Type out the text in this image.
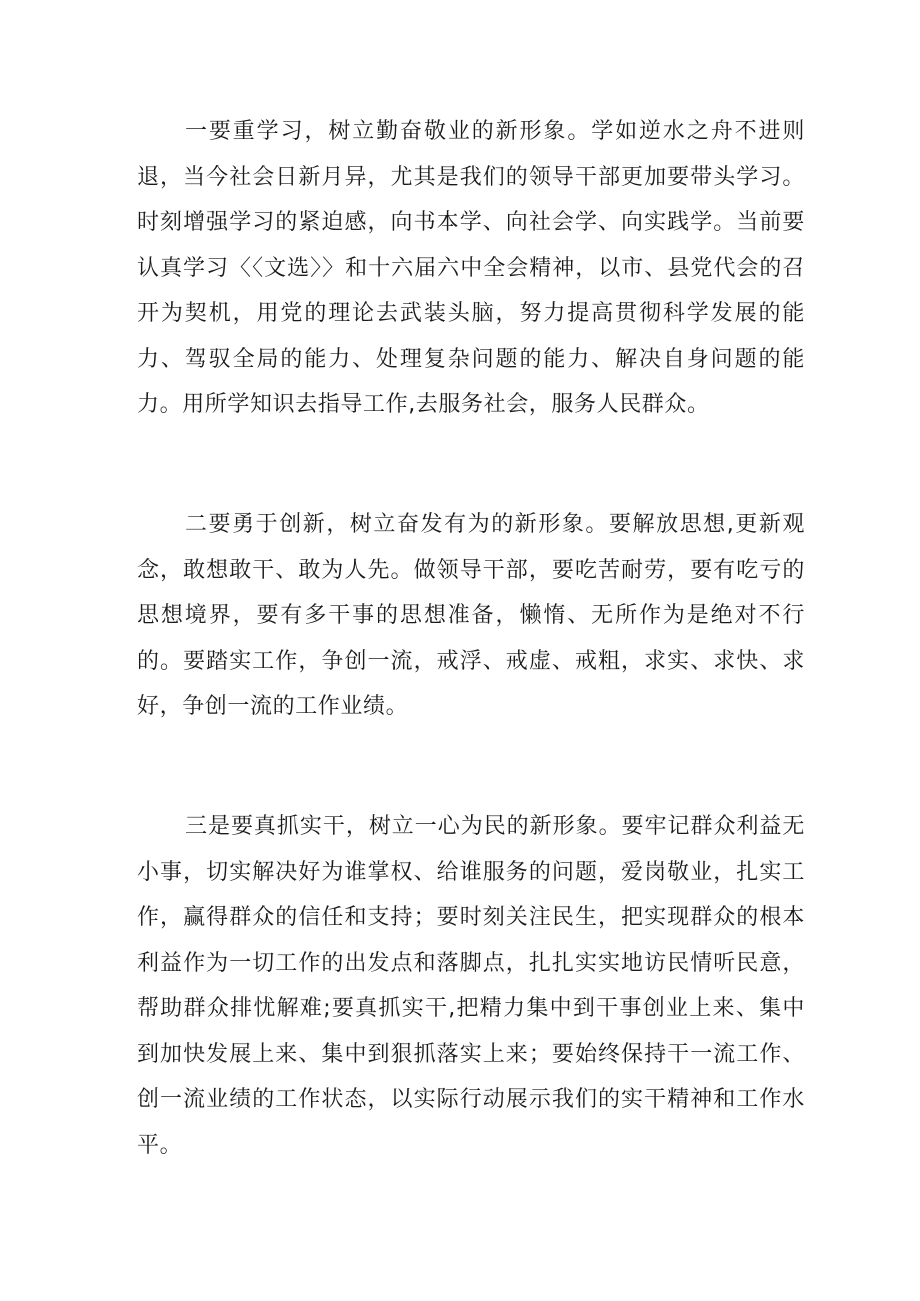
一要重学习，树立勤奋敬业的新形象。学如逆水之舟不进则退，当今社会日新月异，尤其是我们的领导干部更加要带头学习。时刻增强学习的紧迫感，向书本学、向社会学、向实践学。当前要认真学习〈〈文选〉〉和十六届六中全会精神，以市、县党代会的召开为契机，用党的理论去武装头脑，努力提高贯彻科学发展的能力、驾驭全局的能力、处理复杂问题的能力、解决自身问题的能力。用所学知识去指导工作,去服务社会，服务人民群众。

二要勇于创新，树立奋发有为的新形象。要解放思想,更新观念，敢想敢干、敢为人先。做领导干部，要吃苦耐劳，要有吃亏的思想境界，要有多干事的思想准备，懒惰、无所作为是绝对不行的。要踏实工作，争创一流，戒浮、戒虚、戒粗，求实、求快、求好，争创一流的工作业绩。

三是要真抓实干，树立一心为民的新形象。要牢记群众利益无小事，切实解决好为谁掌权、给谁服务的问题，爱岗敬业，扎实工作，赢得群众的信任和支持；要时刻关注民生，把实现群众的根本利益作为一切工作的出发点和落脚点，扎扎实实地访民情听民意，帮助群众排忧解难;要真抓实干,把精力集中到干事创业上来、集中到加快发展上来、集中到狠抓落实上来；要始终保持干一流工作、创一流业绩的工作状态，以实际行动展示我们的实干精神和工作水平。
